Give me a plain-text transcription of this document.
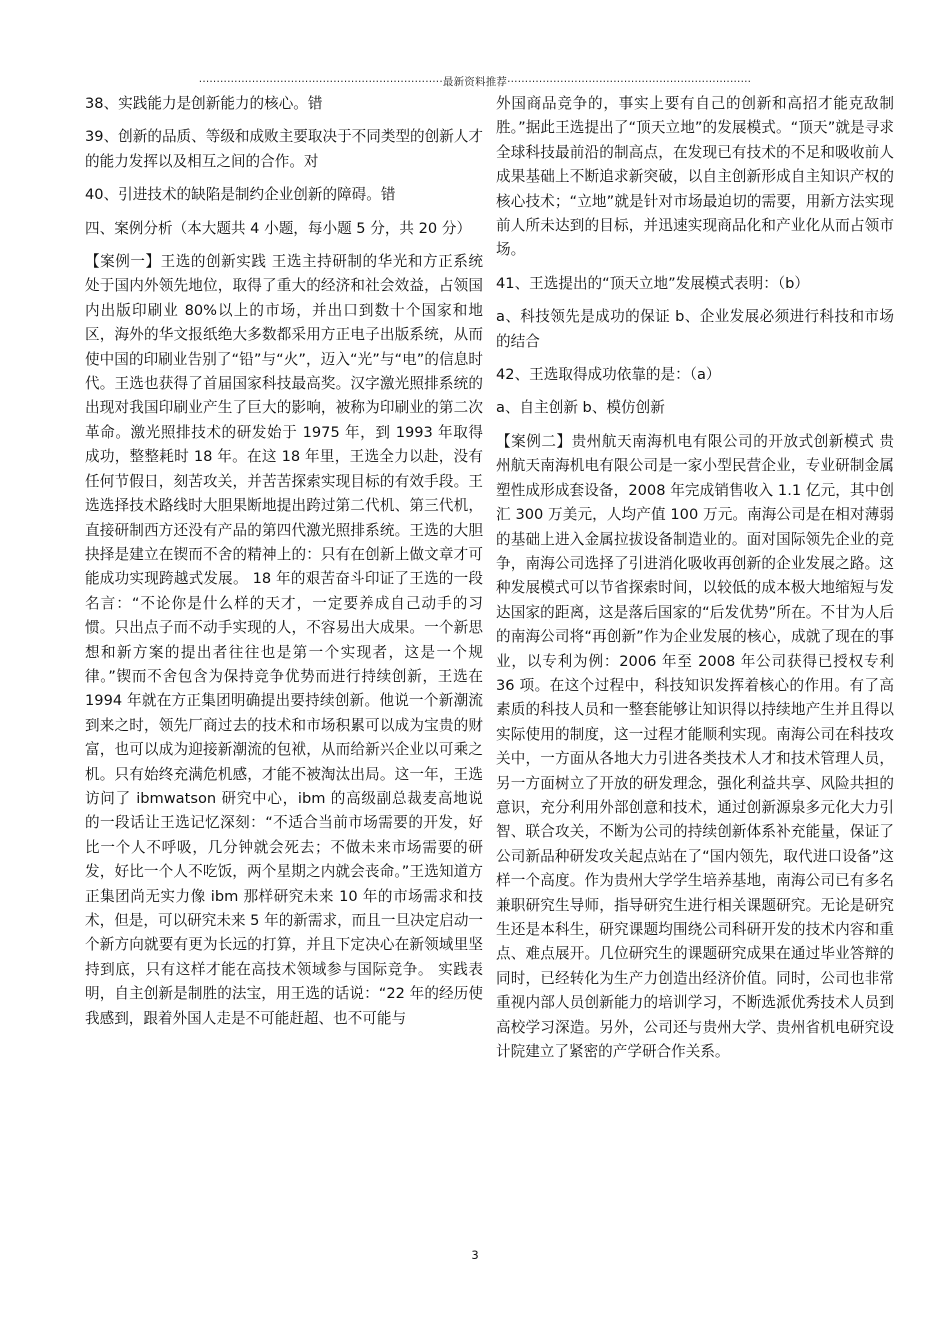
·····································································最新资料推荐·····································································

38、实践能力是创新能力的核心。错

39、创新的品质、等级和成败主要取决于不同类型的创新人才的能力发挥以及相互之间的合作。对

40、引进技术的缺陷是制约企业创新的障碍。错

四、案例分析（本大题共 4 小题，每小题 5 分，共 20 分）

【案例一】王选的创新实践 王选主持研制的华光和方正系统处于国内外领先地位，取得了重大的经济和社会效益，占领国内出版印刷业 80%以上的市场，并出口到数十个国家和地区，海外的华文报纸绝大多数都采用方正电子出版系统，从而使中国的印刷业告别了“铅”与“火”，迈入“光”与“电”的信息时代。王选也获得了首届国家科技最高奖。汉字激光照排系统的出现对我国印刷业产生了巨大的影响，被称为印刷业的第二次革命。激光照排技术的研发始于 1975 年，到 1993 年取得成功，整整耗时 18 年。在这 18 年里，王选全力以赴，没有任何节假日，刻苦攻关，并苦苦探索实现目标的有效手段。王选选择技术路线时大胆果断地提出跨过第二代机、第三代机，直接研制西方还没有产品的第四代激光照排系统。王选的大胆抉择是建立在锲而不舍的精神上的：只有在创新上做文章才可能成功实现跨越式发展。 18 年的艰苦奋斗印证了王选的一段名言：“不论你是什么样的天才，一定要养成自己动手的习惯。只出点子而不动手实现的人，不容易出大成果。一个新思想和新方案的提出者往往也是第一个实现者，这是一个规律。”锲而不舍包含为保持竞争优势而进行持续创新，王选在 1994 年就在方正集团明确提出要持续创新。他说一个新潮流到来之时，领先厂商过去的技术和市场积累可以成为宝贵的财富，也可以成为迎接新潮流的包袱，从而给新兴企业以可乘之机。只有始终充满危机感，才能不被淘汰出局。这一年，王选访问了 ibmwatson 研究中心，ibm 的高级副总裁麦高地说的一段话让王选记忆深刻：“不适合当前市场需要的开发，好比一个人不呼吸，几分钟就会死去；不做未来市场需要的研发，好比一个人不吃饭，两个星期之内就会丧命。”王选知道方正集团尚无实力像 ibm 那样研究未来 10 年的市场需求和技术，但是，可以研究未来 5 年的新需求，而且一旦决定启动一个新方向就要有更为长远的打算，并且下定决心在新领域里坚持到底，只有这样才能在高技术领域参与国际竞争。 实践表明，自主创新是制胜的法宝，用王选的话说：“22 年的经历使我感到，跟着外国人走是不可能赶超、也不可能与

外国商品竞争的，事实上要有自己的创新和高招才能克敌制胜。”据此王选提出了“顶天立地”的发展模式。“顶天”就是寻求全球科技最前沿的制高点，在发现已有技术的不足和吸收前人成果基础上不断追求新突破，以自主创新形成自主知识产权的核心技术；“立地”就是针对市场最迫切的需要，用新方法实现前人所未达到的目标，并迅速实现商品化和产业化从而占领市场。

41、王选提出的“顶天立地”发展模式表明：（b）

a、科技领先是成功的保证 b、企业发展必须进行科技和市场的结合

42、王选取得成功依靠的是：（a）

a、自主创新 b、模仿创新

【案例二】贵州航天南海机电有限公司的开放式创新模式 贵州航天南海机电有限公司是一家小型民营企业，专业研制金属塑性成形成套设备，2008 年完成销售收入 1.1 亿元，其中创汇 300 万美元，人均产值 100 万元。南海公司是在相对薄弱的基础上进入金属拉拔设备制造业的。面对国际领先企业的竞争，南海公司选择了引进消化吸收再创新的企业发展之路。这种发展模式可以节省探索时间，以较低的成本极大地缩短与发达国家的距离，这是落后国家的“后发优势”所在。不甘为人后的南海公司将“再创新”作为企业发展的核心，成就了现在的事业，以专利为例：2006 年至 2008 年公司获得已授权专利 36 项。在这个过程中，科技知识发挥着核心的作用。有了高素质的科技人员和一整套能够让知识得以持续地产生并且得以实际使用的制度，这一过程才能顺利实现。南海公司在科技攻关中，一方面从各地大力引进各类技术人才和技术管理人员，另一方面树立了开放的研发理念，强化利益共享、风险共担的意识，充分利用外部创意和技术，通过创新源泉多元化大力引智、联合攻关，不断为公司的持续创新体系补充能量，保证了公司新品种研发攻关起点站在了“国内领先，取代进口设备”这样一个高度。作为贵州大学学生培养基地，南海公司已有多名兼职研究生导师，指导研究生进行相关课题研究。无论是研究生还是本科生，研究课题均围绕公司科研开发的技术内容和重点、难点展开。几位研究生的课题研究成果在通过毕业答辩的同时，已经转化为生产力创造出经济价值。同时，公司也非常重视内部人员创新能力的培训学习，不断选派优秀技术人员到高校学习深造。另外，公司还与贵州大学、贵州省机电研究设计院建立了紧密的产学研合作关系。

3
